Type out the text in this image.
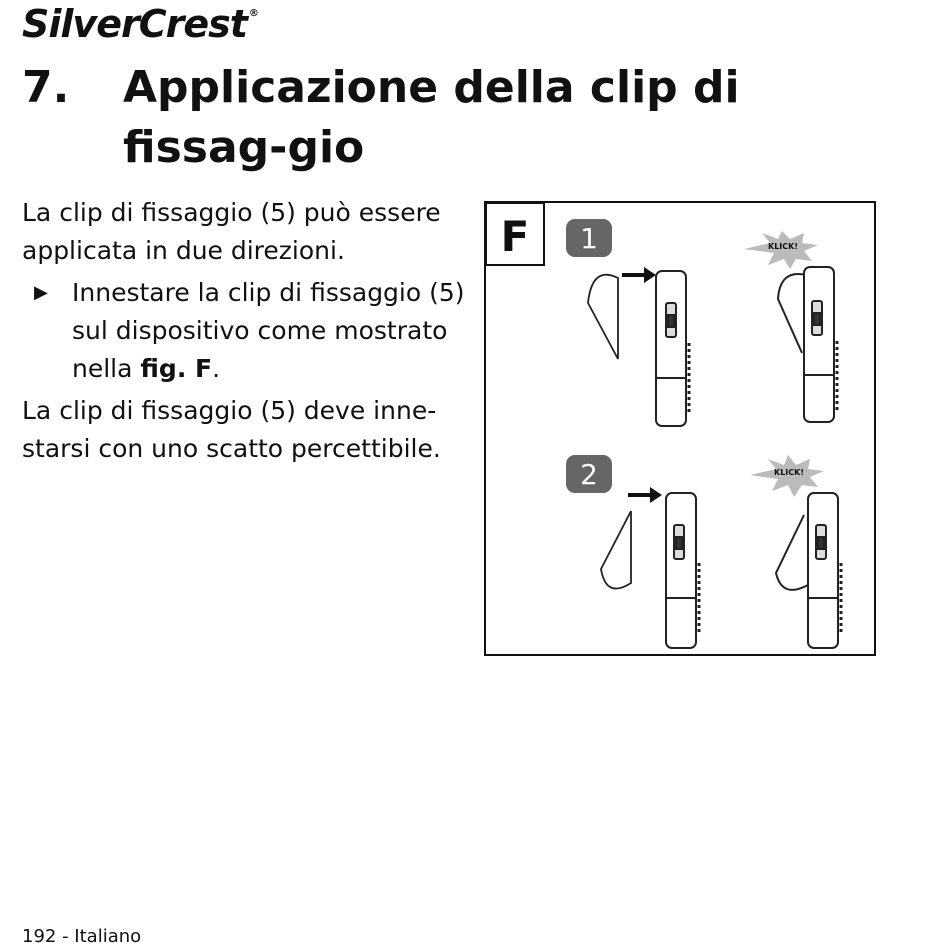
SilverCrest ®
7. Applicazione della clip di fissag-gio

La clip di fissaggio (5) può essere applicata in due direzioni.

▶ Innestare la clip di fissaggio (5) sul dispositivo come mostrato nella fig. F.

La clip di fissaggio (5) deve inne-starsi con uno scatto percettibile.

F 1
2
KLICK!
KLICK!
192 - Italiano
